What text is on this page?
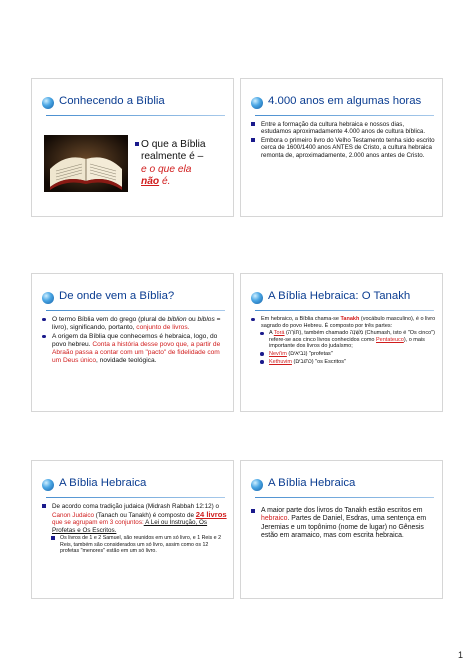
Conhecendo a Bíblia
O que a Bíblia
realmente é –
e o que ela
não é.
4.000 anos em algumas horas
Entre a formação da cultura hebraica e nossos dias, estudamos aproximadamente 4.000 anos de cultura bíblica.
Embora o primeiro livro do Velho Testamento tenha sido escrito cerca de 1600/1400 anos ANTES de Cristo, a cultura hebraica remonta de, aproximadamente, 2.000 anos antes de Cristo.
De onde vem a Bíblia?
O termo Bíblia vem do grego (plural de biblion ou biblos = livro), significando, portanto, conjunto de livros.
A origem da Bíblia que conhecemos é hebraica, logo, do povo hebreu. Conta a história desse povo que, a partir de Abraão passa a contar com um "pacto" de fidelidade com um Deus único, novidade teológica.
A Bíblia Hebraica: O Tanakh
Em hebraico, a Bíblia chama-se Tanakh (vocábulo masculino), é o livro sagrado do povo Hebreu. É composto por três partes:
A Torá (תּוֹרָה), também chamado מִשְׁנָה (Chumash, isto é "Os cinco") refere-se aos cinco livros conhecidos como Pentateuco), o mais importante dos livros do judaísmo;
Nevi'im (נביאים) "profetas"
Kethuvim (כתובים) "os Escritos"
A Bíblia Hebraica
De acordo coma tradição judaica (Midrash Rabbah 12:12) o Canon Judaico (Tanach ou Tanakh) é composto de 24 livros que se agrupam em 3 conjuntos: A Lei ou Instrução, Os Profetas e Os Escritos.
Os livros de 1 e 2 Samuel, são reunidos em um só livro, e 1 Reis e 2 Reis, também são considerados um só livro, assim como os 12 profetas "menores" estão em um só livro.
A Bíblia Hebraica
A maior parte dos livros do Tanakh estão escritos em hebraico. Partes de Daniel, Esdras, uma sentença em Jeremias e um topônimo (nome de lugar) no Gênesis estão em aramaico, mas com escrita hebraica.
1
